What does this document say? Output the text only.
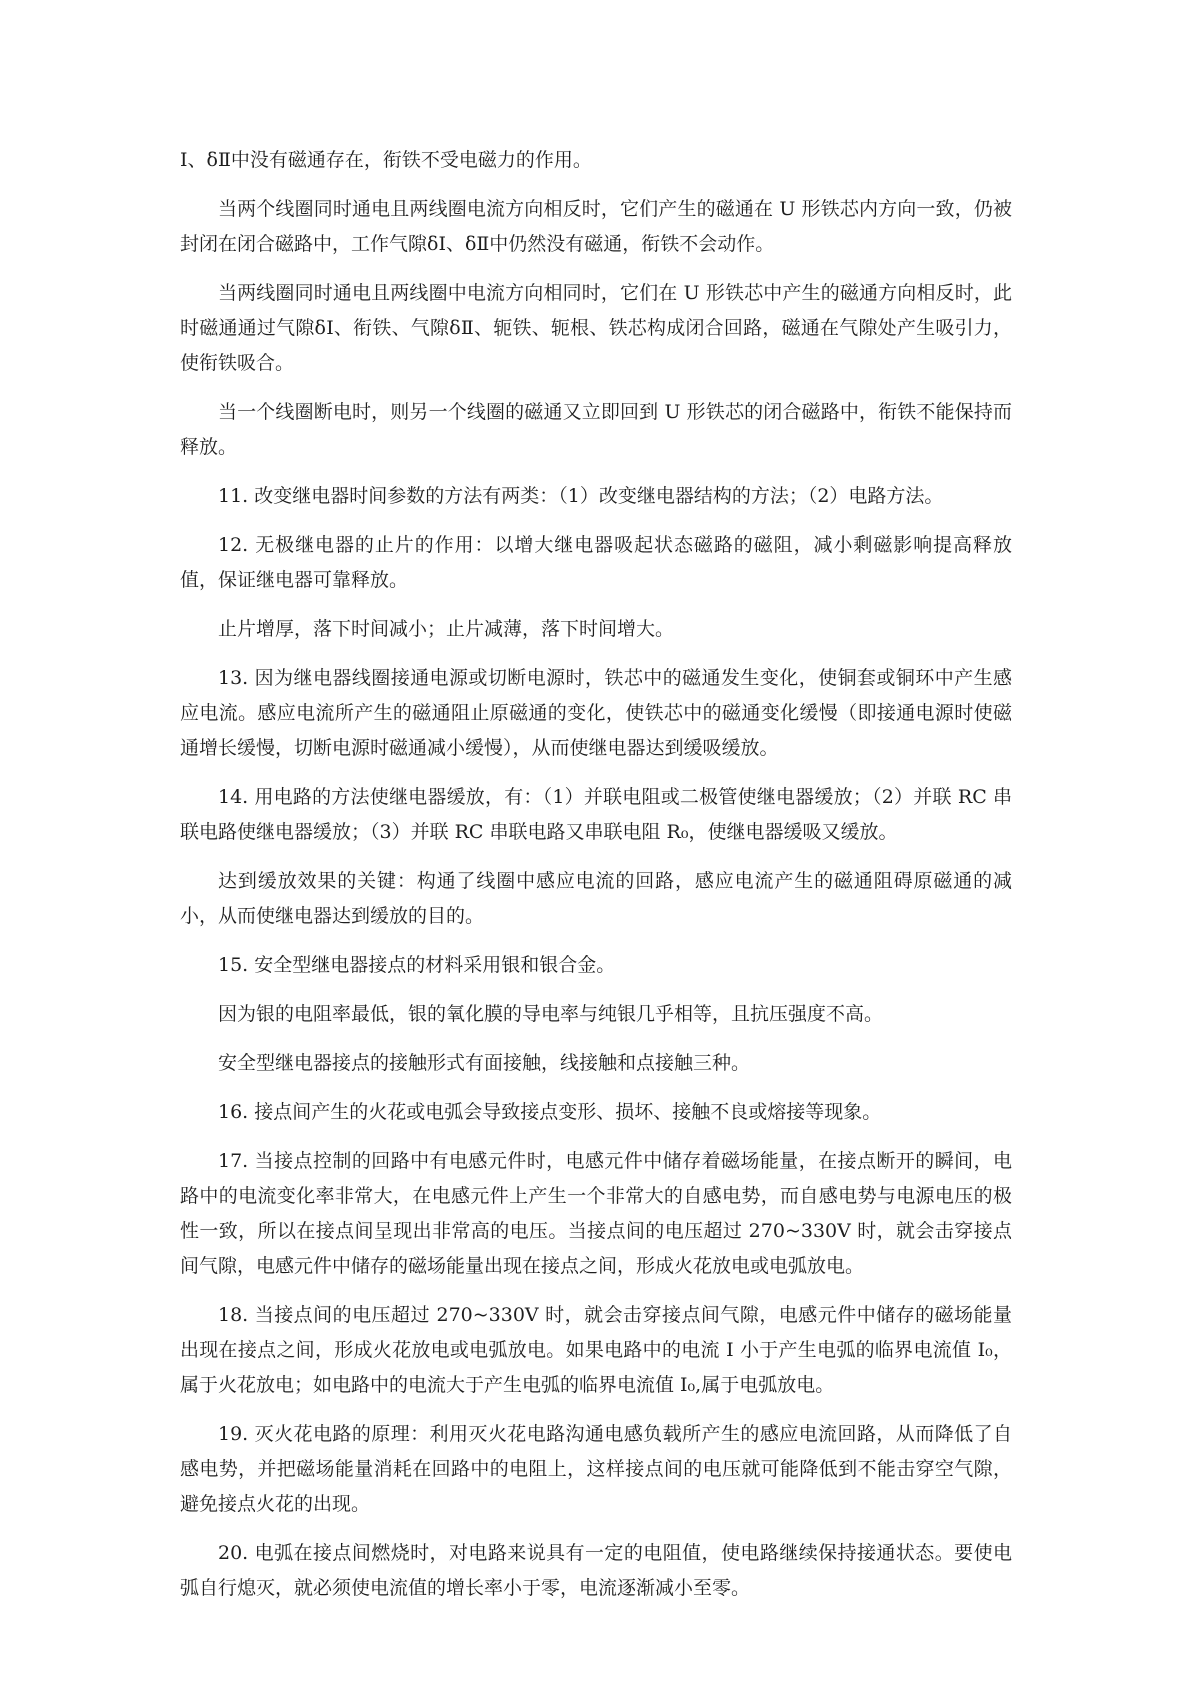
Ⅰ、δⅡ中没有磁通存在，衔铁不受电磁力的作用。

当两个线圈同时通电且两线圈电流方向相反时，它们产生的磁通在 U 形铁芯内方向一致，仍被封闭在闭合磁路中，工作气隙δⅠ、δⅡ中仍然没有磁通，衔铁不会动作。

当两线圈同时通电且两线圈中电流方向相同时，它们在 U 形铁芯中产生的磁通方向相反时，此时磁通通过气隙δⅠ、衔铁、气隙δⅡ、轭铁、轭根、铁芯构成闭合回路，磁通在气隙处产生吸引力，使衔铁吸合。

当一个线圈断电时，则另一个线圈的磁通又立即回到 U 形铁芯的闭合磁路中，衔铁不能保持而释放。

11. 改变继电器时间参数的方法有两类：（1）改变继电器结构的方法；（2）电路方法。

12. 无极继电器的止片的作用：以增大继电器吸起状态磁路的磁阻，减小剩磁影响提高释放值，保证继电器可靠释放。

止片增厚，落下时间减小；止片减薄，落下时间增大。

13. 因为继电器线圈接通电源或切断电源时，铁芯中的磁通发生变化，使铜套或铜环中产生感应电流。感应电流所产生的磁通阻止原磁通的变化，使铁芯中的磁通变化缓慢（即接通电源时使磁通增长缓慢，切断电源时磁通减小缓慢），从而使继电器达到缓吸缓放。

14. 用电路的方法使继电器缓放，有：（1）并联电阻或二极管使继电器缓放；（2）并联 RC 串联电路使继电器缓放；（3）并联 RC 串联电路又串联电阻 R₀，使继电器缓吸又缓放。

达到缓放效果的关键：构通了线圈中感应电流的回路，感应电流产生的磁通阻碍原磁通的减小，从而使继电器达到缓放的目的。

15. 安全型继电器接点的材料采用银和银合金。

因为银的电阻率最低，银的氧化膜的导电率与纯银几乎相等，且抗压强度不高。

安全型继电器接点的接触形式有面接触，线接触和点接触三种。

16. 接点间产生的火花或电弧会导致接点变形、损坏、接触不良或熔接等现象。

17. 当接点控制的回路中有电感元件时，电感元件中储存着磁场能量，在接点断开的瞬间，电路中的电流变化率非常大，在电感元件上产生一个非常大的自感电势，而自感电势与电源电压的极性一致，所以在接点间呈现出非常高的电压。当接点间的电压超过 270~330V 时，就会击穿接点间气隙，电感元件中储存的磁场能量出现在接点之间，形成火花放电或电弧放电。

18. 当接点间的电压超过 270~330V 时，就会击穿接点间气隙，电感元件中储存的磁场能量出现在接点之间，形成火花放电或电弧放电。如果电路中的电流 I 小于产生电弧的临界电流值 I₀，属于火花放电；如电路中的电流大于产生电弧的临界电流值 I₀,属于电弧放电。

19. 灭火花电路的原理：利用灭火花电路沟通电感负载所产生的感应电流回路，从而降低了自感电势，并把磁场能量消耗在回路中的电阻上，这样接点间的电压就可能降低到不能击穿空气隙，避免接点火花的出现。

20. 电弧在接点间燃烧时，对电路来说具有一定的电阻值，使电路继续保持接通状态。要使电弧自行熄灭，就必须使电流值的增长率小于零，电流逐渐减小至零。
